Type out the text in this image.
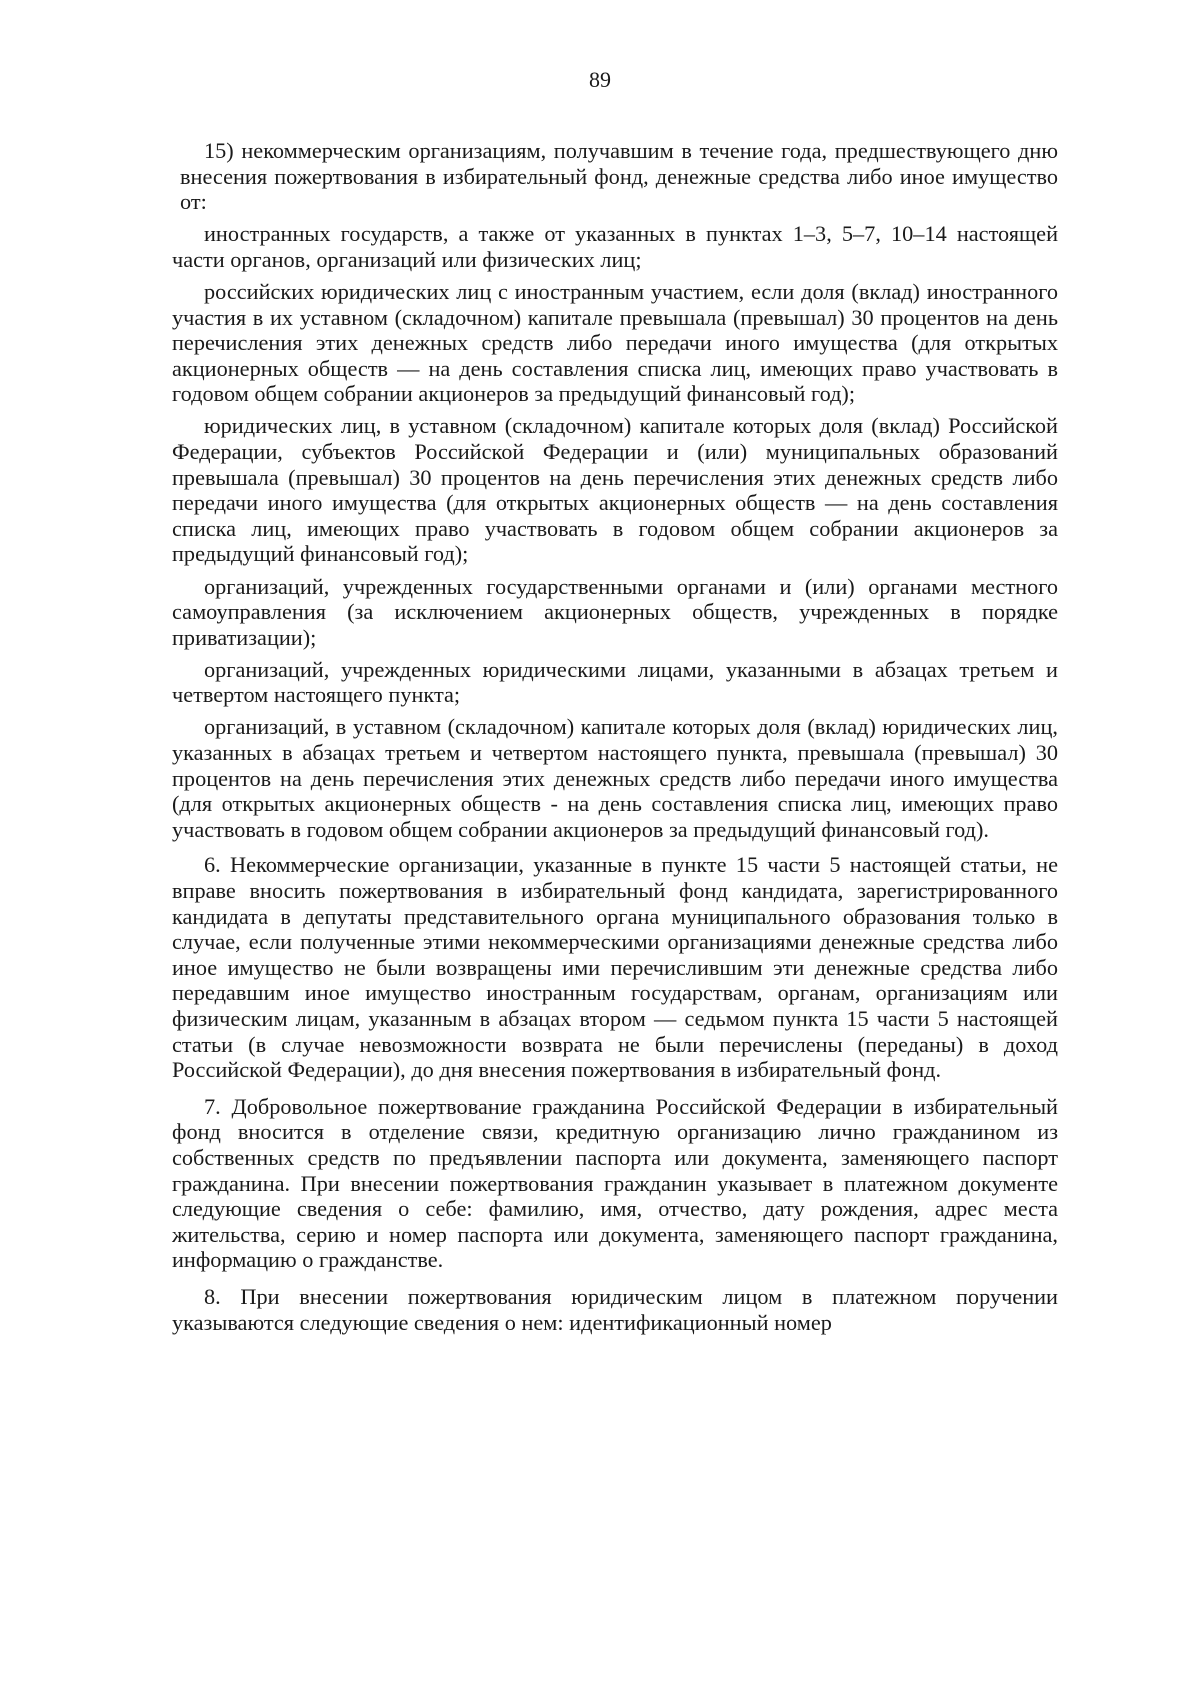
89

15) некоммерческим организациям, получавшим в течение года, предшествующего дню внесения пожертвования в избирательный фонд, денежные средства либо иное имущество от:

иностранных государств, а также от указанных в пунктах 1–3, 5–7, 10–14 настоящей части органов, организаций или физических лиц;

российских юридических лиц с иностранным участием, если доля (вклад) иностранного участия в их уставном (складочном) капитале превышала (превышал) 30 процентов на день перечисления этих денежных средств либо передачи иного имущества (для открытых акционерных обществ — на день составления списка лиц, имеющих право участвовать в годовом общем собрании акционеров за предыдущий финансовый год);

юридических лиц, в уставном (складочном) капитале которых доля (вклад) Российской Федерации, субъектов Российской Федерации и (или) муниципальных образований превышала (превышал) 30 процентов на день перечисления этих денежных средств либо передачи иного имущества (для открытых акционерных обществ — на день составления списка лиц, имеющих право участвовать в годовом общем собрании акционеров за предыдущий финансовый год);

организаций, учрежденных государственными органами и (или) органами местного самоуправления (за исключением акционерных обществ, учрежденных в порядке приватизации);

организаций, учрежденных юридическими лицами, указанными в абзацах третьем и четвертом настоящего пункта;

организаций, в уставном (складочном) капитале которых доля (вклад) юридических лиц, указанных в абзацах третьем и четвертом настоящего пункта, превышала (превышал) 30 процентов на день перечисления этих денежных средств либо передачи иного имущества (для открытых акционерных обществ - на день составления списка лиц, имеющих право участвовать в годовом общем собрании акционеров за предыдущий финансовый год).

6. Некоммерческие организации, указанные в пункте 15 части 5 настоящей статьи, не вправе вносить пожертвования в избирательный фонд кандидата, зарегистрированного кандидата в депутаты представительного органа муниципального образования только в случае, если полученные этими некоммерческими организациями денежные средства либо иное имущество не были возвращены ими перечислившим эти денежные средства либо передавшим иное имущество иностранным государствам, органам, организациям или физическим лицам, указанным в абзацах втором — седьмом пункта 15 части 5 настоящей статьи (в случае невозможности возврата не были перечислены (переданы) в доход Российской Федерации), до дня внесения пожертвования в избирательный фонд.

7. Добровольное пожертвование гражданина Российской Федерации в избирательный фонд вносится в отделение связи, кредитную организацию лично гражданином из собственных средств по предъявлении паспорта или документа, заменяющего паспорт гражданина. При внесении пожертвования гражданин указывает в платежном документе следующие сведения о себе: фамилию, имя, отчество, дату рождения, адрес места жительства, серию и номер паспорта или документа, заменяющего паспорт гражданина, информацию о гражданстве.

8. При внесении пожертвования юридическим лицом в платежном поручении указываются следующие сведения о нем: идентификационный номер
